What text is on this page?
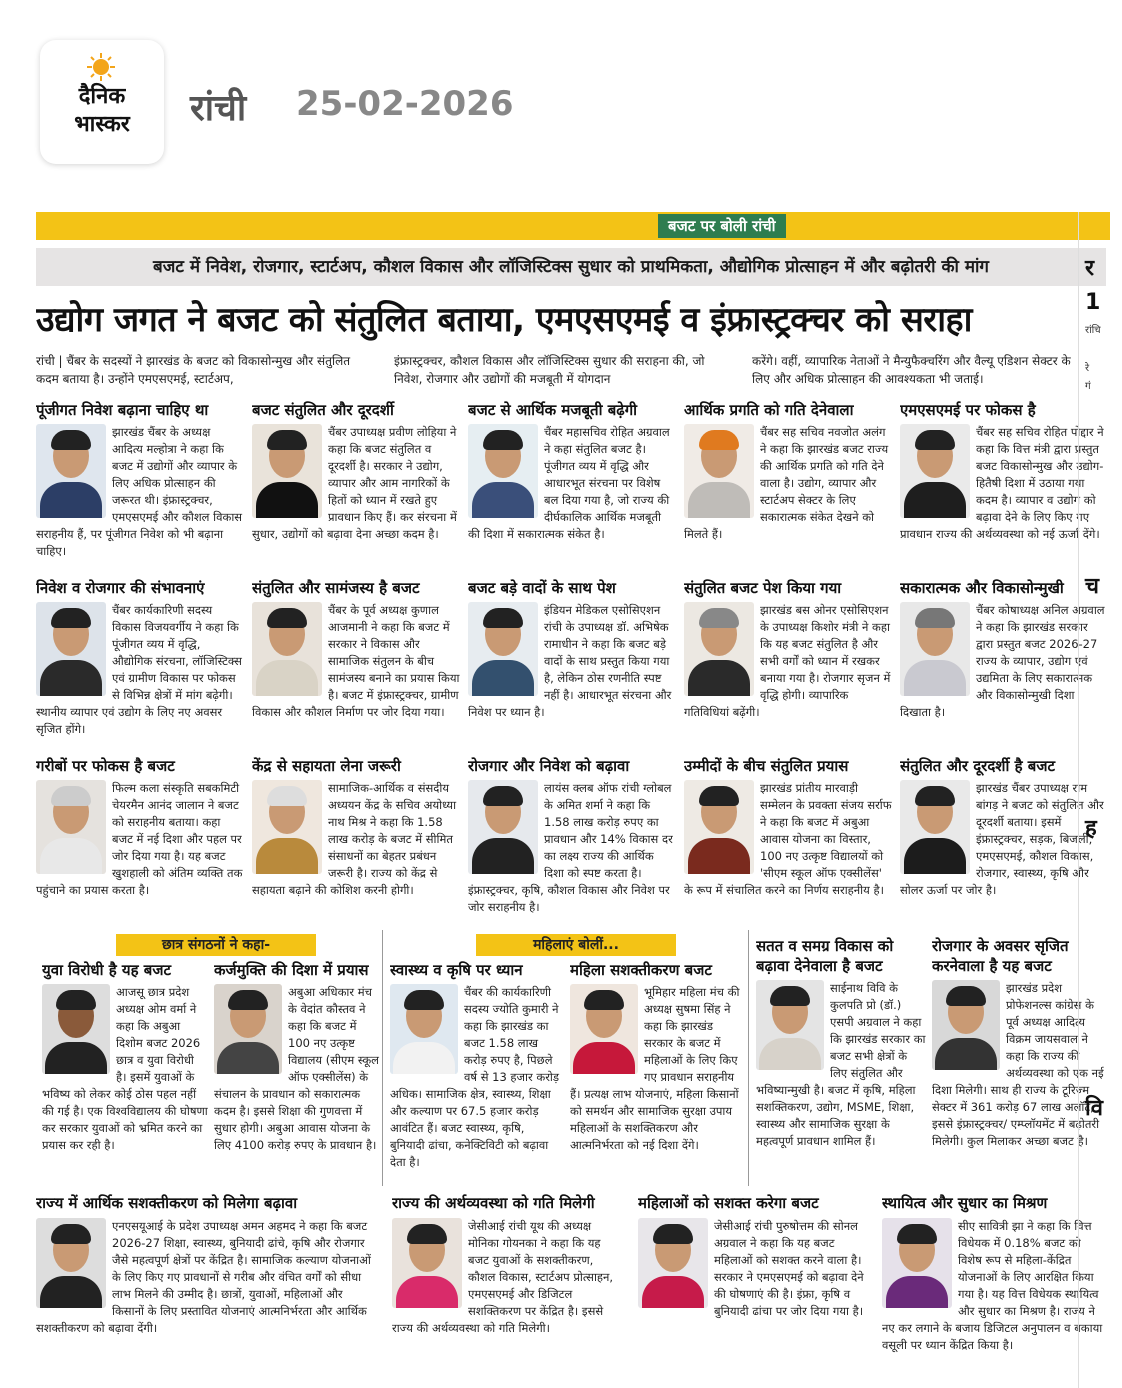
दैनिक
भास्कर	रांची 25-02-2026
बजट पर बोली रांची
बजट में निवेश, रोजगार, स्टार्टअप, कौशल विकास और लॉजिस्टिक्स सुधार को प्राथमिकता, औद्योगिक प्रोत्साहन में और बढ़ोतरी की मांग
उद्योग जगत ने बजट को संतुलित बताया, एमएसएमई व इंफ्रास्ट्रक्चर को सराहा
रांची | चैंबर के सदस्यों ने झारखंड के बजट को विकासोन्मुख और संतुलित कदम बताया है। उन्होंने एमएसएमई, स्टार्टअप,
इंफ्रास्ट्रक्चर, कौशल विकास और लॉजिस्टिक्स सुधार की सराहना की, जो निवेश, रोजगार और उद्योगों की मजबूती में योगदान
करेंगे। वहीं, व्यापारिक नेताओं ने मैन्युफैक्चरिंग और वैल्यू एडिशन सेक्टर के लिए और अधिक प्रोत्साहन की आवश्यकता भी जताई।
पूंजीगत निवेश बढ़ाना चाहिए था

झारखंड चैंबर के अध्यक्ष आदित्य मल्होत्रा ने कहा कि बजट में उद्योगों और व्यापार के लिए अधिक प्रोत्साहन की जरूरत थी। इंफ्रास्ट्रक्चर, एमएसएमई और कौशल विकास सराहनीय हैं, पर पूंजीगत निवेश को भी बढ़ाना चाहिए।

बजट संतुलित और दूरदर्शी

चैंबर उपाध्यक्ष प्रवीण लोहिया ने कहा कि बजट संतुलित व दूरदर्शी है। सरकार ने उद्योग, व्यापार और आम नागरिकों के हितों को ध्यान में रखते हुए प्रावधान किए हैं। कर संरचना में सुधार, उद्योगों को बढ़ावा देना अच्छा कदम है।

बजट से आर्थिक मजबूती बढ़ेगी

चैंबर महासचिव रोहित अग्रवाल ने कहा संतुलित बजट है। पूंजीगत व्यय में वृद्धि और आधारभूत संरचना पर विशेष बल दिया गया है, जो राज्य की दीर्घकालिक आर्थिक मजबूती की दिशा में सकारात्मक संकेत है।

आर्थिक प्रगति को गति देनेवाला

चैंबर सह सचिव नवजोत अलंग ने कहा कि झारखंड बजट राज्य की आर्थिक प्रगति को गति देने वाला है। उद्योग, व्यापार और स्टार्टअप सेक्टर के लिए सकारात्मक संकेत देखने को मिलते हैं।

एमएसएमई पर फोकस है

चैंबर सह सचिव रोहित पोद्दार ने कहा कि वित्त मंत्री द्वारा प्रस्तुत बजट विकासोन्मुख और उद्योग-हितैषी दिशा में उठाया गया कदम है। व्यापार व उद्योग को बढ़ावा देने के लिए किए गए प्रावधान राज्य की अर्थव्यवस्था को नई ऊर्जा देंगे।

निवेश व रोजगार की संभावनाएं

चैंबर कार्यकारिणी सदस्य विकास विजयवर्गीय ने कहा कि पूंजीगत व्यय में वृद्धि, औद्योगिक संरचना, लॉजिस्टिक्स एवं ग्रामीण विकास पर फोकस से विभिन्न क्षेत्रों में मांग बढ़ेगी। स्थानीय व्यापार एवं उद्योग के लिए नए अवसर सृजित होंगे।

संतुलित और सामंजस्य है बजट

चैंबर के पूर्व अध्यक्ष कुणाल आजमानी ने कहा कि बजट में सरकार ने विकास और सामाजिक संतुलन के बीच सामंजस्य बनाने का प्रयास किया है। बजट में इंफ्रास्ट्रक्चर, ग्रामीण विकास और कौशल निर्माण पर जोर दिया गया।

बजट बड़े वादों के साथ पेश

इंडियन मेडिकल एसोसिएशन रांची के उपाध्यक्ष डॉ. अभिषेक रामाधीन ने कहा कि बजट बड़े वादों के साथ प्रस्तुत किया गया है, लेकिन ठोस रणनीति स्पष्ट नहीं है। आधारभूत संरचना और निवेश पर ध्यान है।

संतुलित बजट पेश किया गया

झारखंड बस ओनर एसोसिएशन के उपाध्यक्ष किशोर मंत्री ने कहा कि यह बजट संतुलित है और सभी वर्गों को ध्यान में रखकर बनाया गया है। रोजगार सृजन में वृद्धि होगी। व्यापारिक गतिविधियां बढ़ेंगी।

सकारात्मक और विकासोन्मुखी

चैंबर कोषाध्यक्ष अनिल अग्रवाल ने कहा कि झारखंड सरकार द्वारा प्रस्तुत बजट 2026-27 राज्य के व्यापार, उद्योग एवं उद्यमिता के लिए सकारात्मक और विकासोन्मुखी दिशा दिखाता है।

गरीबों पर फोकस है बजट

फिल्म कला संस्कृति सबकमिटी चेयरमैन आनंद जालान ने बजट को सराहनीय बताया। कहा बजट में नई दिशा और पहल पर जोर दिया गया है। यह बजट खुशहाली को अंतिम व्यक्ति तक पहुंचाने का प्रयास करता है।

केंद्र से सहायता लेना जरूरी

सामाजिक-आर्थिक व संसदीय अध्ययन केंद्र के सचिव अयोध्या नाथ मिश्र ने कहा कि 1.58 लाख करोड़ के बजट में सीमित संसाधनों का बेहतर प्रबंधन जरूरी है। राज्य को केंद्र से सहायता बढ़ाने की कोशिश करनी होगी।

रोजगार और निवेश को बढ़ावा

लायंस क्लब ऑफ रांची ग्लोबल के अमित शर्मा ने कहा कि 1.58 लाख करोड़ रुपए का प्रावधान और 14% विकास दर का लक्ष्य राज्य की आर्थिक दिशा को स्पष्ट करता है। इंफ्रास्ट्रक्चर, कृषि, कौशल विकास और निवेश पर जोर सराहनीय है।

उम्मीदों के बीच संतुलित प्रयास

झारखंड प्रांतीय मारवाड़ी सम्मेलन के प्रवक्ता संजय सर्राफ ने कहा कि बजट में अबुआ आवास योजना का विस्तार, 100 नए उत्कृष्ट विद्यालयों को 'सीएम स्कूल ऑफ एक्सीलेंस' के रूप में संचालित करने का निर्णय सराहनीय है।

संतुलित और दूरदर्शी है बजट

झारखंड चैंबर उपाध्यक्ष राम बांगड़ ने बजट को संतुलित और दूरदर्शी बताया। इसमें इंफ्रास्ट्रक्चर, सड़क, बिजली, एमएसएमई, कौशल विकास, रोजगार, स्वास्थ्य, कृषि और सोलर ऊर्जा पर जोर है।

छात्र संगठनों ने कहा-	महिलाएं बोलीं...
युवा विरोधी है यह बजट

आजसू छात्र प्रदेश अध्यक्ष ओम वर्मा ने कहा कि अबुआ दिशोम बजट 2026 छात्र व युवा विरोधी है। इसमें युवाओं के भविष्य को लेकर कोई ठोस पहल नहीं की गई है। एक विश्वविद्यालय की घोषणा कर सरकार युवाओं को भ्रमित करने का प्रयास कर रही है।

कर्जमुक्ति की दिशा में प्रयास

अबुआ अधिकार मंच के वेदांत कौस्तव ने कहा कि बजट में 100 नए उत्कृष्ट विद्यालय (सीएम स्कूल ऑफ एक्सीलेंस) के संचालन के प्रावधान को सकारात्मक कदम है। इससे शिक्षा की गुणवत्ता में सुधार होगी। अबुआ आवास योजना के लिए 4100 करोड़ रुपए के प्रावधान है।

स्वास्थ्य व कृषि पर ध्यान

चैंबर की कार्यकारिणी सदस्य ज्योति कुमारी ने कहा कि झारखंड का बजट 1.58 लाख करोड़ रुपए है, पिछले वर्ष से 13 हजार करोड़ अधिक। सामाजिक क्षेत्र, स्वास्थ्य, शिक्षा और कल्याण पर 67.5 हजार करोड़ आवंटित हैं। बजट स्वास्थ्य, कृषि, बुनियादी ढांचा, कनेक्टिविटी को बढ़ावा देता है।

महिला सशक्तीकरण बजट

भूमिहार महिला मंच की अध्यक्ष सुषमा सिंह ने कहा कि झारखंड सरकार के बजट में महिलाओं के लिए किए गए प्रावधान सराहनीय हैं। प्रत्यक्ष लाभ योजनाएं, महिला किसानों को समर्थन और सामाजिक सुरक्षा उपाय महिलाओं के सशक्तिकरण और आत्मनिर्भरता को नई दिशा देंगे।

सतत व समग्र विकास को बढ़ावा देनेवाला है बजट

साईनाथ विवि के कुलपति प्रो (डॉ.) एसपी अग्रवाल ने कहा कि झारखंड सरकार का बजट सभी क्षेत्रों के लिए संतुलित और भविष्यान्मुखी है। बजट में कृषि, महिला सशक्तिकरण, उद्योग, MSME, शिक्षा, स्वास्थ्य और सामाजिक सुरक्षा के महत्वपूर्ण प्रावधान शामिल हैं।

रोजगार के अवसर सृजित करनेवाला है यह बजट

झारखंड प्रदेश प्रोफेशनल्स कांग्रेस के पूर्व अध्यक्ष आदित्य विक्रम जायसवाल ने कहा कि राज्य की अर्थव्यवस्था को एक नई दिशा मिलेगी। साथ ही राज्य के टूरिज्म सेक्टर में 361 करोड़ 67 लाख अलॉट, इससे इंफ्रास्ट्रक्चर/ एम्प्लॉयमेंट में बढ़ोतरी मिलेगी। कुल मिलाकर अच्छा बजट है।

राज्य में आर्थिक सशक्तीकरण को मिलेगा बढ़ावा

एनएसयूआई के प्रदेश उपाध्यक्ष अमन अहमद ने कहा कि बजट 2026-27 शिक्षा, स्वास्थ्य, बुनियादी ढांचे, कृषि और रोजगार जैसे महत्वपूर्ण क्षेत्रों पर केंद्रित है। सामाजिक कल्याण योजनाओं के लिए किए गए प्रावधानों से गरीब और वंचित वर्गों को सीधा लाभ मिलने की उम्मीद है। छात्रों, युवाओं, महिलाओं और किसानों के लिए प्रस्तावित योजनाएं आत्मनिर्भरता और आर्थिक सशक्तीकरण को बढ़ावा देंगी।

राज्य की अर्थव्यवस्था को गति मिलेगी

जेसीआई रांची यूथ की अध्यक्ष मोनिका गोयनका ने कहा कि यह बजट युवाओं के सशक्तीकरण, कौशल विकास, स्टार्टअप प्रोत्साहन, एमएसएमई और डिजिटल सशक्तिकरण पर केंद्रित है। इससे राज्य की अर्थव्यवस्था को गति मिलेगी।

महिलाओं को सशक्त करेगा बजट

जेसीआई रांची पुरुषोत्तम की सोनल अग्रवाल ने कहा कि यह बजट महिलाओं को सशक्त करने वाला है। सरकार ने एमएसएमई को बढ़ावा देने की घोषणाएं की है। इंफ्रा, कृषि व बुनियादी ढांचा पर जोर दिया गया है।

स्थायित्व और सुधार का मिश्रण

सीए सावित्री झा ने कहा कि वित्त विधेयक में 0.18% बजट को विशेष रूप से महिला-केंद्रित योजनाओं के लिए आरक्षित किया गया है। यह वित्त विधेयक स्थायित्व और सुधार का मिश्रण है। राज्य ने नए कर लगाने के बजाय डिजिटल अनुपालन व बकाया वसूली पर ध्यान केंद्रित किया है।

र
1
रांचि
रे
गं
च
ह
वि
